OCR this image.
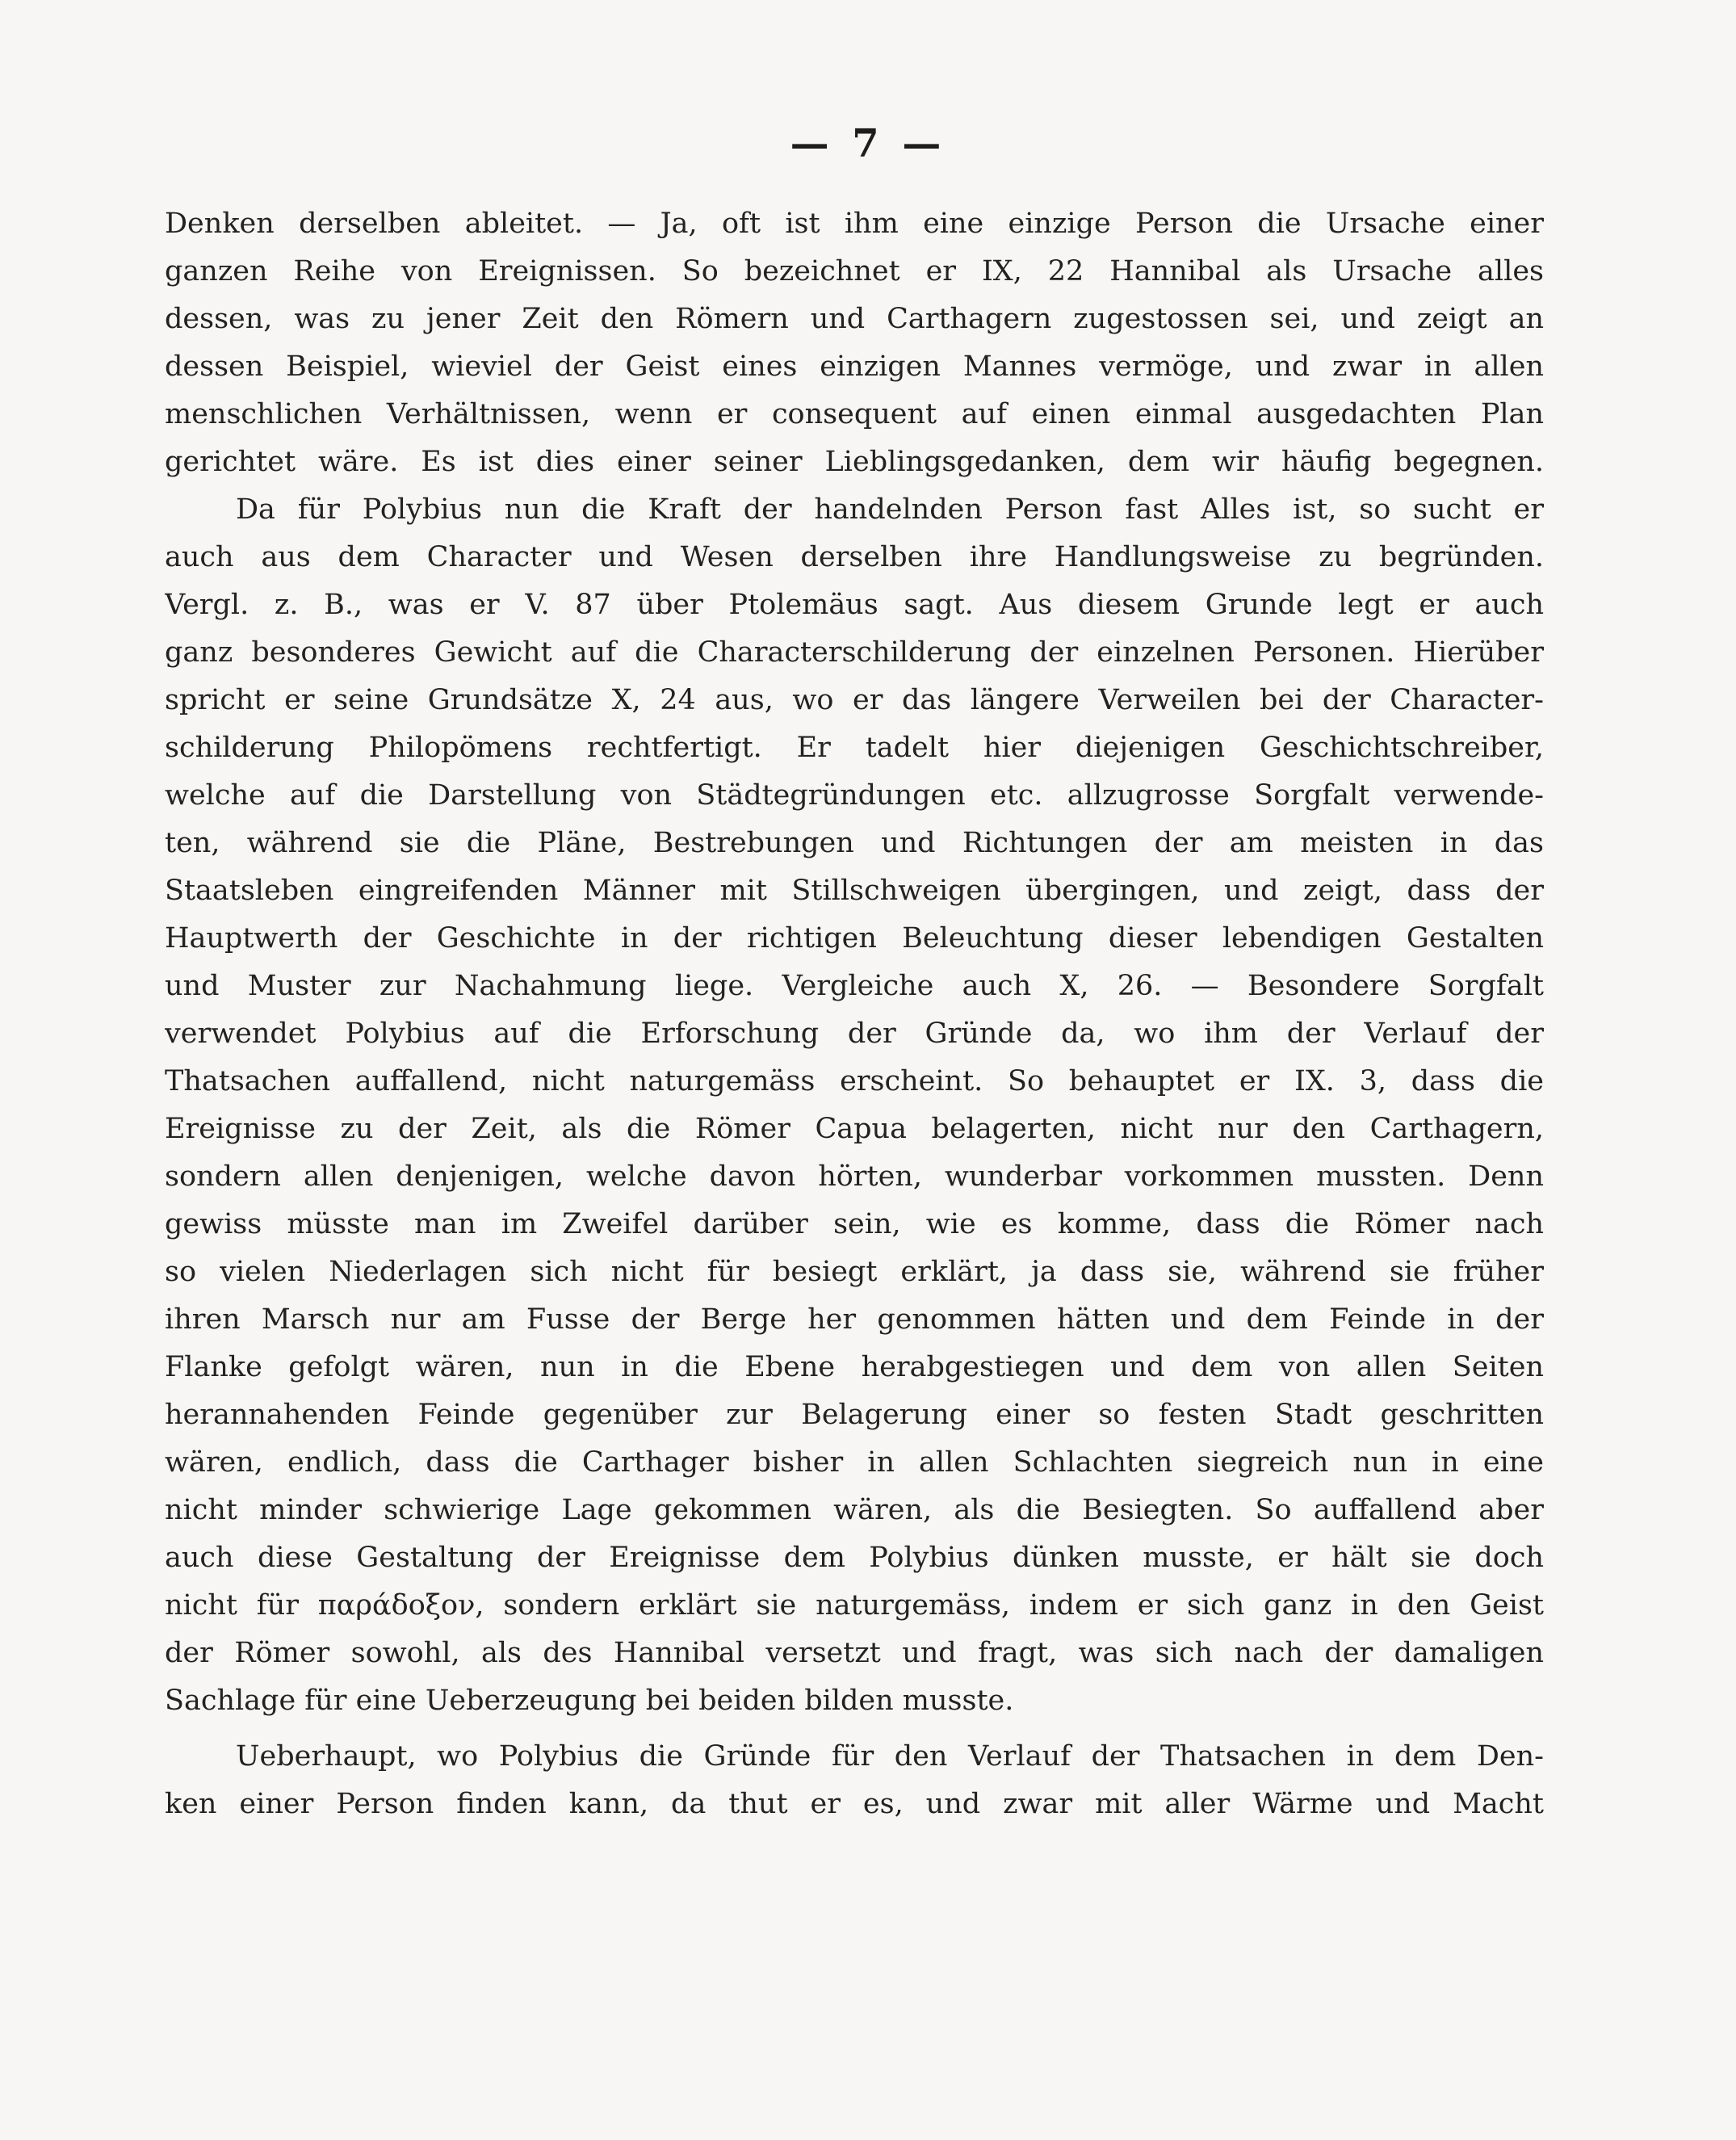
— 7 —
Denken derselben ableitet. — Ja, oft ist ihm eine einzige Person die Ursache einer
ganzen Reihe von Ereignissen. So bezeichnet er IX, 22 Hannibal als Ursache alles
dessen, was zu jener Zeit den Römern und Carthagern zugestossen sei, und zeigt an
dessen Beispiel, wieviel der Geist eines einzigen Mannes vermöge, und zwar in allen
menschlichen Verhältnissen, wenn er consequent auf einen einmal ausgedachten Plan
gerichtet wäre. Es ist dies einer seiner Lieblingsgedanken, dem wir häufig begegnen.
Da für Polybius nun die Kraft der handelnden Person fast Alles ist, so sucht er
auch aus dem Character und Wesen derselben ihre Handlungsweise zu begründen.
Vergl. z. B., was er V. 87 über Ptolemäus sagt. Aus diesem Grunde legt er auch
ganz besonderes Gewicht auf die Characterschilderung der einzelnen Personen. Hierüber
spricht er seine Grundsätze X, 24 aus, wo er das längere Verweilen bei der Character-
schilderung Philopömens rechtfertigt. Er tadelt hier diejenigen Geschichtschreiber,
welche auf die Darstellung von Städtegründungen etc. allzugrosse Sorgfalt verwende-
ten, während sie die Pläne, Bestrebungen und Richtungen der am meisten in das
Staatsleben eingreifenden Männer mit Stillschweigen übergingen, und zeigt, dass der
Hauptwerth der Geschichte in der richtigen Beleuchtung dieser lebendigen Gestalten
und Muster zur Nachahmung liege. Vergleiche auch X, 26. — Besondere Sorgfalt
verwendet Polybius auf die Erforschung der Gründe da, wo ihm der Verlauf der
Thatsachen auffallend, nicht naturgemäss erscheint. So behauptet er IX. 3, dass die
Ereignisse zu der Zeit, als die Römer Capua belagerten, nicht nur den Carthagern,
sondern allen denjenigen, welche davon hörten, wunderbar vorkommen mussten. Denn
gewiss müsste man im Zweifel darüber sein, wie es komme, dass die Römer nach
so vielen Niederlagen sich nicht für besiegt erklärt, ja dass sie, während sie früher
ihren Marsch nur am Fusse der Berge her genommen hätten und dem Feinde in der
Flanke gefolgt wären, nun in die Ebene herabgestiegen und dem von allen Seiten
herannahenden Feinde gegenüber zur Belagerung einer so festen Stadt geschritten
wären, endlich, dass die Carthager bisher in allen Schlachten siegreich nun in eine
nicht minder schwierige Lage gekommen wären, als die Besiegten. So auffallend aber
auch diese Gestaltung der Ereignisse dem Polybius dünken musste, er hält sie doch
nicht für παράδοξον, sondern erklärt sie naturgemäss, indem er sich ganz in den Geist
der Römer sowohl, als des Hannibal versetzt und fragt, was sich nach der damaligen
Sachlage für eine Ueberzeugung bei beiden bilden musste.
Ueberhaupt, wo Polybius die Gründe für den Verlauf der Thatsachen in dem Den-
ken einer Person finden kann, da thut er es, und zwar mit aller Wärme und Macht
